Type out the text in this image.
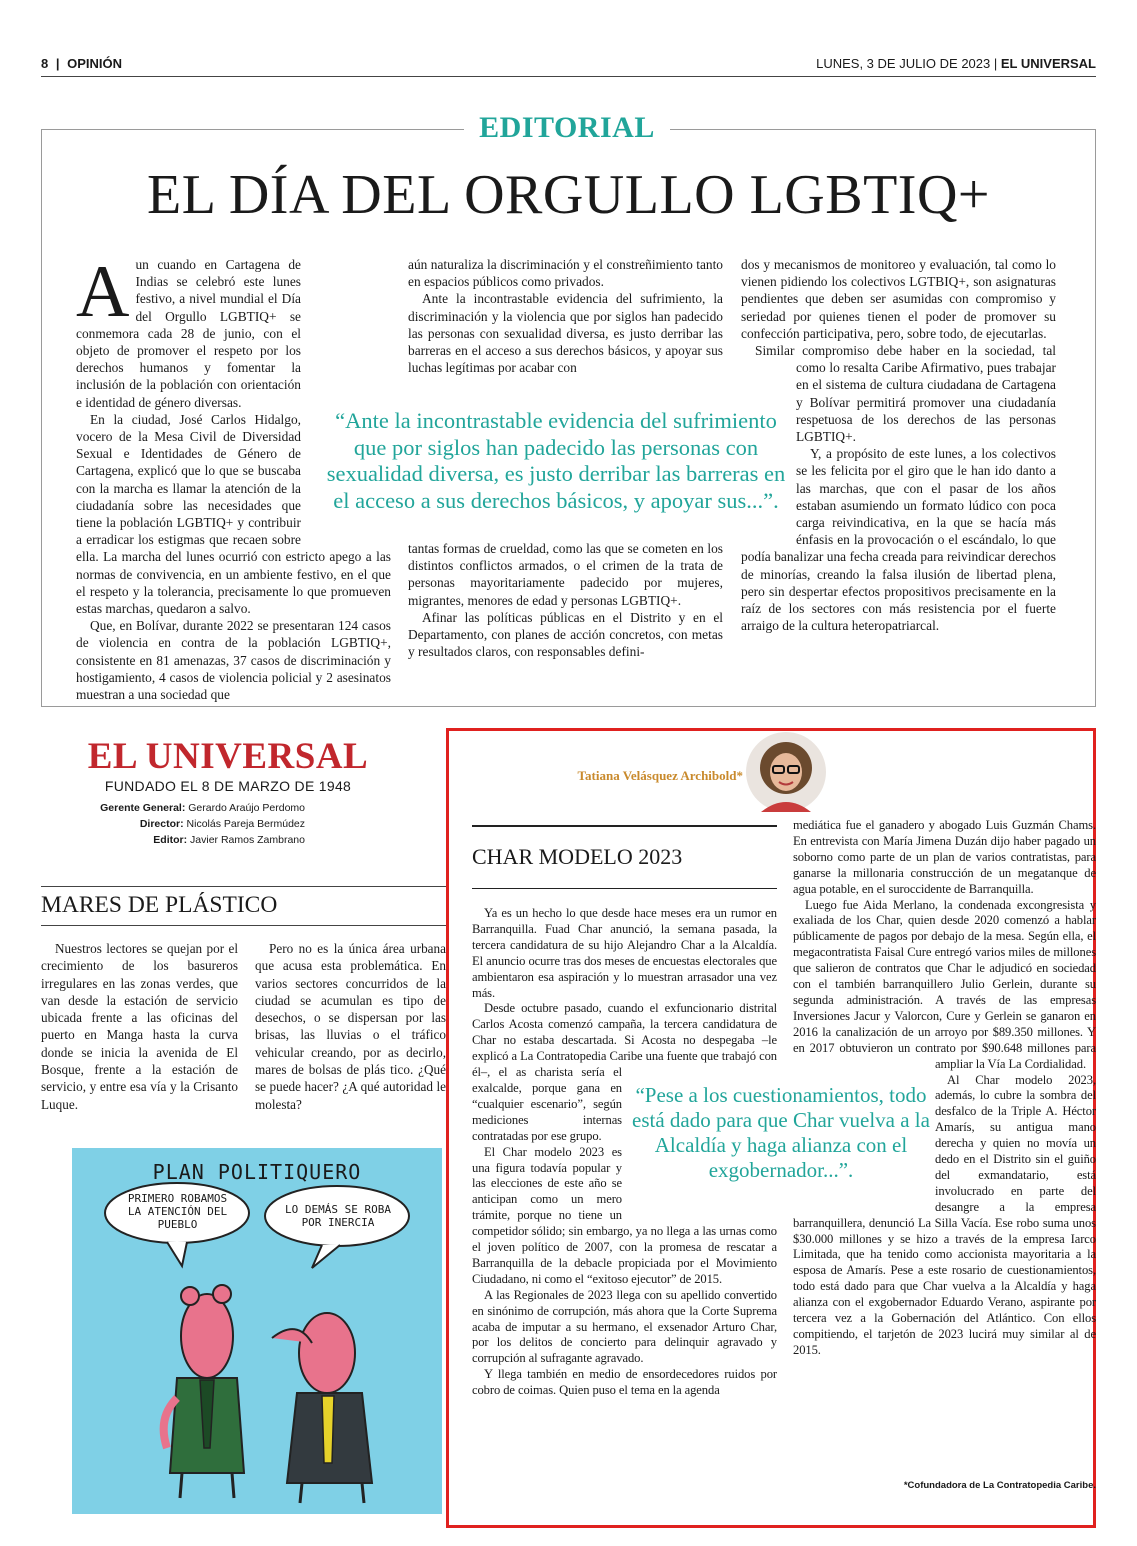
8 | OPINIÓN	LUNES, 3 DE JULIO DE 2023 | EL UNIVERSAL
EDITORIAL
EL DÍA DEL ORGULLO LGBTIQ+
A un cuando en Cartagena de Indias se celebró este lunes festivo, a nivel mundial el Día del Orgullo LGBTIQ+ se conmemora cada 28 de junio, con el objeto de promover el respeto por los derechos humanos y fomentar la inclusión de la población con orientación e identidad de género diversas.

En la ciudad, José Carlos Hidalgo, vocero de la Mesa Civil de Diversidad Sexual e Identidades de Género de Cartagena, explicó que lo que se buscaba con la marcha es llamar la atención de la ciudadanía sobre las necesidades que tiene la población LGBTIQ+ y contribuir a erradicar los estigmas que recaen sobre ella. La marcha del lunes ocurrió con estricto apego a las normas de convivencia, en un ambiente festivo, en el que el respeto y la tolerancia, precisamente lo que promueven estas marchas, quedaron a salvo.

Que, en Bolívar, durante 2022 se presentaran 124 casos de violencia en contra de la población LGBTIQ+, consistente en 81 amenazas, 37 casos de discriminación y hostigamiento, 4 casos de violencia policial y 2 asesinatos muestran a una sociedad que

aún naturaliza la discriminación y el constreñimiento tanto en espacios públicos como privados.

Ante la incontrastable evidencia del sufrimiento, la discriminación y la violencia que por siglos han padecido las personas con sexualidad diversa, es justo derribar las barreras en el acceso a sus derechos básicos, y apoyar sus luchas legítimas por acabar con

tantas formas de crueldad, como las que se cometen en los distintos conflictos armados, o el crimen de la trata de personas mayoritariamente padecido por mujeres, migrantes, menores de edad y personas LGBTIQ+.

Afinar las políticas públicas en el Distrito y en el Departamento, con planes de acción concretos, con metas y resultados claros, con responsables defini-

dos y mecanismos de monitoreo y evaluación, tal como lo vienen pidiendo los colectivos LGTBIQ+, son asignaturas pendientes que deben ser asumidas con compromiso y seriedad por quienes tienen el poder de promover su confección participativa, pero, sobre todo, de ejecutarlas.

Similar compromiso debe haber en la sociedad, tal como lo resalta Caribe Afirmativo, pues trabajar en el sistema de cultura ciudadana de Cartagena y Bolívar permitirá promover una ciudadanía respetuosa de los derechos de las personas LGBTIQ+.

Y, a propósito de este lunes, a los colectivos se les felicita por el giro que le han ido danto a las marchas, que con el pasar de los años estaban asumiendo un formato lúdico con poca carga reivindicativa, en la que se hacía más énfasis en la provocación o el escándalo, lo que podía banalizar una fecha creada para reivindicar derechos de minorías, creando la falsa ilusión de libertad plena, pero sin despertar efectos propositivos precisamente en la raíz de los sectores con más resistencia por el fuerte arraigo de la cultura heteropatriarcal.

“Ante la incontrastable evidencia del sufrimiento que por siglos han padecido las personas con sexualidad diversa, es justo derribar las barreras en el acceso a sus derechos básicos, y apoyar sus...”.
EL UNIVERSAL
FUNDADO EL 8 DE MARZO DE 1948
Gerente General: Gerardo Araújo Perdomo
Director: Nicolás Pareja Bermúdez
Editor: Javier Ramos Zambrano
MARES DE PLÁSTICO

Nuestros lectores se quejan por el crecimiento de los basureros irregulares en las zonas verdes, que van desde la estación de servicio ubicada frente a las oficinas del puerto en Manga hasta la curva donde se inicia la avenida de El Bosque, frente a la estación de servicio, y entre esa vía y la Crisanto Luque.

Pero no es la única área urbana que acusa esta problemática. En varios sectores concurridos de la ciudad se acumulan es tipo de desechos, o se dispersan por las brisas, las lluvias o el tráfico vehicular creando, por as decirlo, mares de bolsas de plás tico. ¿Qué se puede hacer? ¿A qué autoridad le molesta?

PLAN POLITIQUERO
PRIMERO ROBAMOS LA ATENCIÓN DEL PUEBLO
LO DEMÁS SE ROBA POR INERCIA
Tatiana Velásquez Archibold*
CHAR MODELO 2023

Ya es un hecho lo que desde hace meses era un rumor en Barranquilla. Fuad Char anunció, la semana pasada, la tercera candidatura de su hijo Alejandro Char a la Alcaldía. El anuncio ocurre tras dos meses de encuestas electorales que ambientaron esa aspiración y lo muestran arrasador una vez más.

Desde octubre pasado, cuando el exfuncionario distrital Carlos Acosta comenzó campaña, la tercera candidatura de Char no estaba descartada. Si Acosta no despegaba –le explicó a La Contratopedia Caribe una fuente que trabajó con él–, el as charista sería el exalcalde, porque gana en “cualquier escenario”, según mediciones internas contratadas por ese grupo.

El Char modelo 2023 es una figura todavía popular y las elecciones de este año se anticipan como un mero trámite, porque no tiene un competidor sólido; sin embargo, ya no llega a las urnas como el joven político de 2007, con la promesa de rescatar a Barranquilla de la debacle propiciada por el Movimiento Ciudadano, ni como el “exitoso ejecutor” de 2015.

A las Regionales de 2023 llega con su apellido convertido en sinónimo de corrupción, más ahora que la Corte Suprema acaba de imputar a su hermano, el exsenador Arturo Char, por los delitos de concierto para delinquir agravado y corrupción al sufragante agravado.

Y llega también en medio de ensordecedores ruidos por cobro de coimas. Quien puso el tema en la agenda

mediática fue el ganadero y abogado Luis Guzmán Chams. En entrevista con María Jimena Duzán dijo haber pagado un soborno como parte de un plan de varios contratistas, para ganarse la millonaria construcción de un megatanque de agua potable, en el suroccidente de Barranquilla.

Luego fue Aida Merlano, la condenada excongresista y exaliada de los Char, quien desde 2020 comenzó a hablar públicamente de pagos por debajo de la mesa. Según ella, el megacontratista Faisal Cure entregó varios miles de millones que salieron de contratos que Char le adjudicó en sociedad con el también barranquillero Julio Gerlein, durante su segunda administración. A través de las empresas Inversiones Jacur y Valorcon, Cure y Gerlein se ganaron en 2016 la canalización de un arroyo por $89.350 millones. Y en 2017 obtuvieron un contrato por $90.648 millones para ampliar la Vía La Cordialidad.

Al Char modelo 2023, además, lo cubre la sombra del desfalco de la Triple A. Héctor Amarís, su antigua mano derecha y quien no movía un dedo en el Distrito sin el guiño del exmandatario, está involucrado en parte del desangre a la empresa barranquillera, denunció La Silla Vacía. Ese robo suma unos $30.000 millones y se hizo a través de la empresa Iarco Limitada, que ha tenido como accionista mayoritaria a la esposa de Amarís. Pese a este rosario de cuestionamientos, todo está dado para que Char vuelva a la Alcaldía y haga alianza con el exgobernador Eduardo Verano, aspirante por tercera vez a la Gobernación del Atlántico. Con ellos compitiendo, el tarjetón de 2023 lucirá muy similar al de 2015.

“Pese a los cuestionamientos, todo está dado para que Char vuelva a la Alcaldía y haga alianza con el exgobernador...”.
*Cofundadora de La Contratopedia Caribe.
